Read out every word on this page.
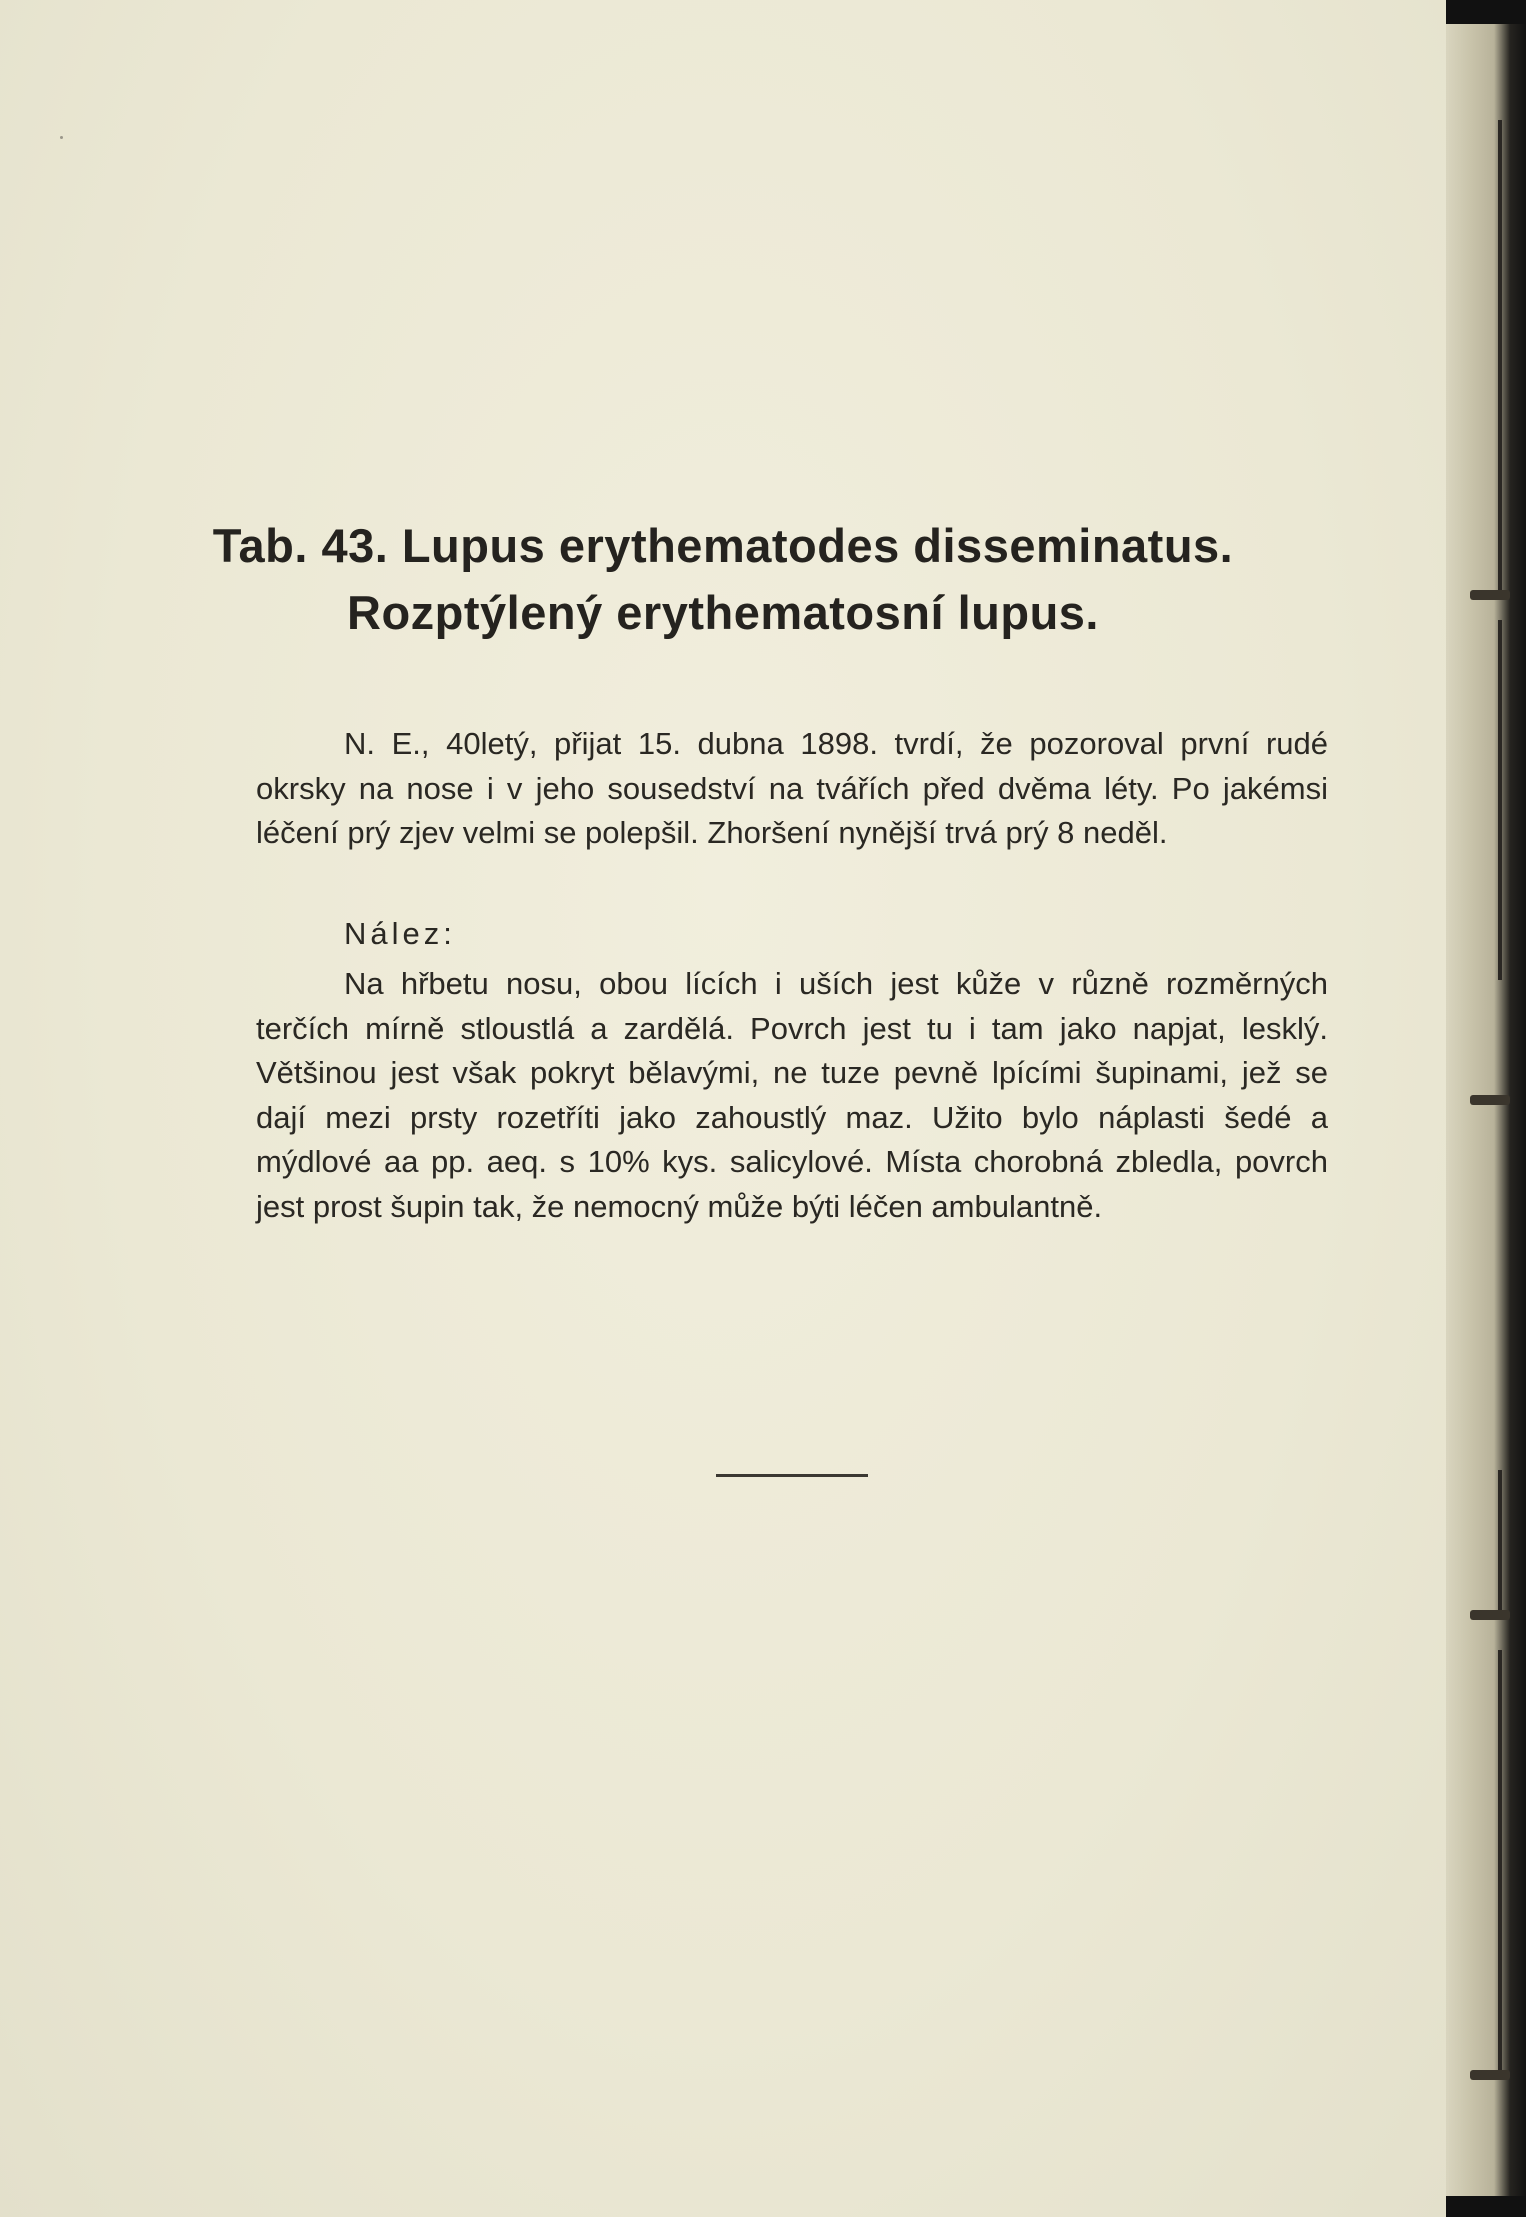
Tab. 43. Lupus erythematodes disseminatus.
Rozptýlený erythematosní lupus.

N. E., 40letý, přijat 15. dubna 1898. tvrdí, že pozoroval první rudé okrsky na nose i v jeho sousedství na tvářích před dvěma léty. Po jakémsi léčení prý zjev velmi se polepšil. Zhoršení nynější trvá prý 8 neděl.

Nález:

Na hřbetu nosu, obou lících i uších jest kůže v různě rozměrných terčích mírně stloustlá a zardělá. Povrch jest tu i tam jako napjat, lesklý. Většinou jest však pokryt bělavými, ne tuze pevně lpícími šupinami, jež se dají mezi prsty rozetříti jako zahoustlý maz. Užito bylo náplasti šedé a mýdlové aa pp. aeq. s 10% kys. salicylové. Místa chorobná zbledla, povrch jest prost šupin tak, že nemocný může býti léčen ambulantně.
